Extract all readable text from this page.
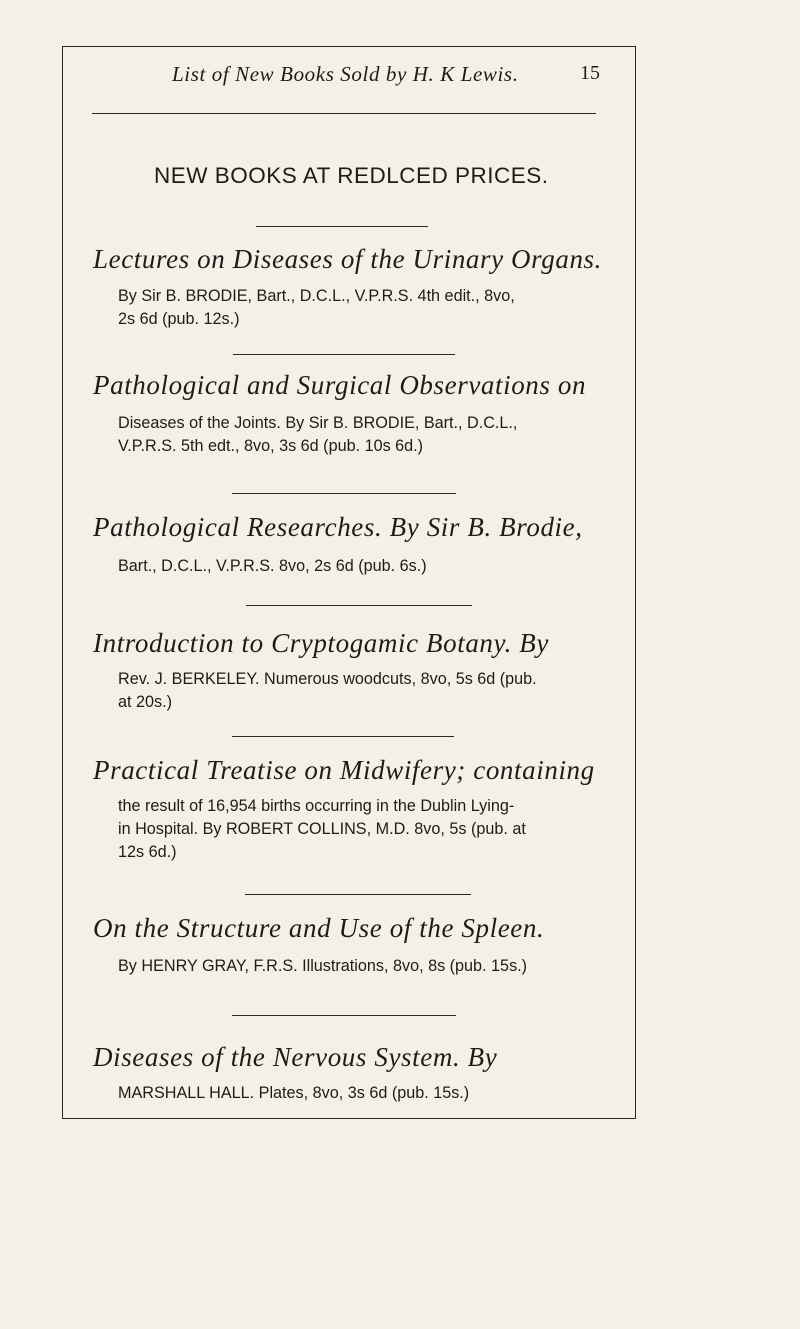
List of New Books Sold by H. K Lewis.	15
NEW BOOKS AT REDLCED PRICES.
Lectures on Diseases of the Urinary Organs.
By Sir B. BRODIE, Bart., D.C.L., V.P.R.S. 4th edit., 8vo,
2s 6d (pub. 12s.)
Pathological and Surgical Observations on
Diseases of the Joints. By Sir B. BRODIE, Bart., D.C.L.,
V.P.R.S. 5th edt., 8vo, 3s 6d (pub. 10s 6d.)
Pathological Researches. By Sir B. Brodie,
Bart., D.C.L., V.P.R.S. 8vo, 2s 6d (pub. 6s.)
Introduction to Cryptogamic Botany. By
Rev. J. BERKELEY. Numerous woodcuts, 8vo, 5s 6d (pub.
at 20s.)
Practical Treatise on Midwifery; containing
the result of 16,954 births occurring in the Dublin Lying-
in Hospital. By ROBERT COLLINS, M.D. 8vo, 5s (pub. at
12s 6d.)
On the Structure and Use of the Spleen.
By HENRY GRAY, F.R.S. Illustrations, 8vo, 8s (pub. 15s.)
Diseases of the Nervous System. By
MARSHALL HALL. Plates, 8vo, 3s 6d (pub. 15s.)
